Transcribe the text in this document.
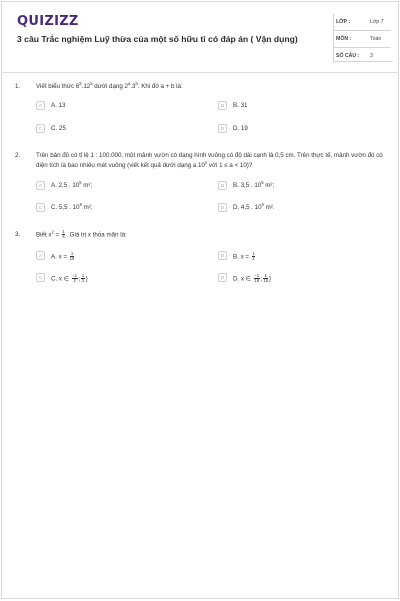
QUIZIZZ
3 câu Trắc nghiệm Luỹ thừa của một số hữu tỉ có đáp án ( Vận dụng)
LỚP :	Lớp 7
MÔN :	Toán
SỐ CÂU : 3
1.	Viết biểu thức $6^3.12^5$ dưới dạng 2$^a$.3$^b$. Khi đó a + b là:
A	A. 13	B	B. 31
C	C. 25	D	D. 19
2.	Trên bản đồ có tỉ lệ 1 : 100.000, một mảnh vườn có dạng hình vuông có độ dài cạnh là 0,5 cm. Trên thực tế, mảnh vườn đó có diện tích là bao nhiêu mét vuông (viết kết quả dưới dạng a.10$^n$ với 1 ≤ a < 10)?
A	A. 2,5 . $10^5$ m²;	B	B. 3,5 . $10^5$ m²;
C	C. 5,5 . $10^5$ m²;	D	D. 4,5 . $10^5$ m².
3.	Biết $x^2 = \frac{1}{4}$ . Giá trị x thỏa mãn là:
A	A. $x = \frac{1}{16}$	B	B. $x = \frac{1}{2}$
C	C. x ∈ $\frac{-1}{2}$ ; $\frac{1}{2}$ }	D	D. x ∈ $\frac{-1}{16}$ ; $\frac{1}{16}$ }
